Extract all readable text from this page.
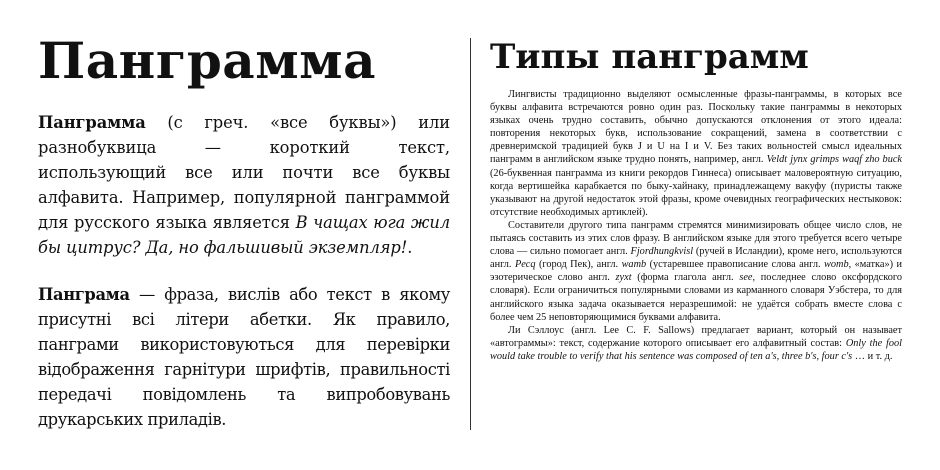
Панграмма

Панграмма (с греч. «все буквы») или разнобуквица — короткий текст, использующий все или почти все буквы алфавита. Например, популярной панграммой для русского языка является В чащах юга жил бы цитрус? Да, но фальшивый экземпляр!.

Панграма — фраза, вислів або текст в якому присутні всі літери абетки. Як правило, панграми використовуються для перевірки відображення гарнітури шрифтів, правильності передачі повідомлень та випробовувань друкарських приладів.

Типы панграмм

Лингвисты традиционно выделяют осмысленные фразы-панграммы, в которых все буквы алфавита встречаются ровно один раз. Поскольку такие панграммы в некоторых языках очень трудно составить, обычно допускаются отклонения от этого идеала: повторения некоторых букв, использование сокращений, замена в соответствии с древнеримской традицией букв J и U на I и V. Без таких вольностей смысл идеальных панграмм в английском языке трудно понять, например, англ. Veldt jynx grimps waqf zho buck (26-буквенная панграмма из книги рекордов Гиннеса) описывает маловероятную ситуацию, когда вертишейка карабкается по быку-хайнаку, принадлежащему вакуфу (пуристы также указывают на другой недостаток этой фразы, кроме очевидных географических нестыковок: отсутствие необходимых артиклей).

Составители другого типа панграмм стремятся минимизировать общее число слов, не пытаясь составить из этих слов фразу. В английском языке для этого требуется всего четыре слова — сильно помогает англ. Fjordhungkvisl (ручей в Исландии), кроме него, используются англ. Pecq (город Пек), англ. wamb (устаревшее правописание слова англ. womb, «матка») и эзотерическое слово англ. zyxt (форма глагола англ. see, последнее слово оксфордского словаря). Если ограничиться популярными словами из карманного словаря Уэбстера, то для английского языка задача оказывается неразрешимой: не удаётся собрать вместе слова с более чем 25 неповторяющимися буквами алфавита.

Ли Сэллоус (англ. Lee C. F. Sallows) предлагает вариант, который он называет «автограммы»: текст, содержание которого описывает его алфавитный состав: Only the fool would take trouble to verify that his sentence was composed of ten a's, three b's, four c's … и т. д.
